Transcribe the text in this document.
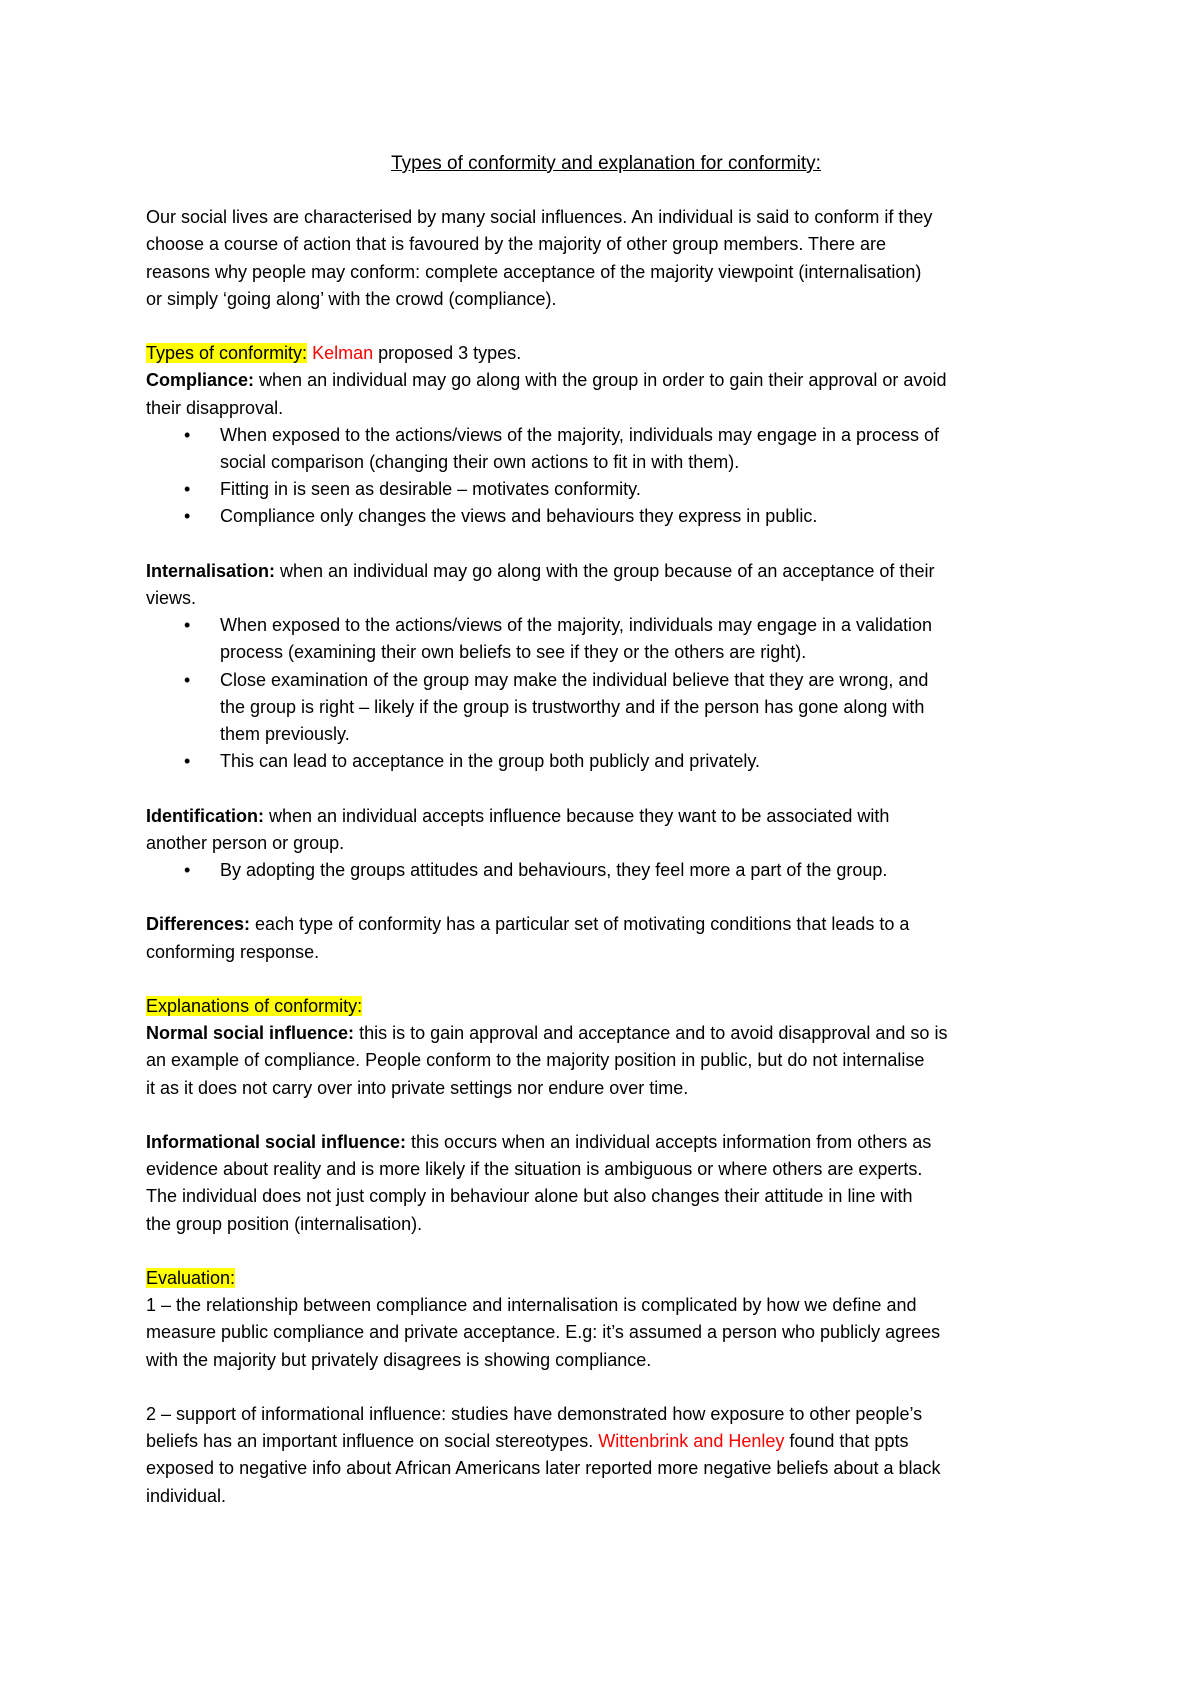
Types of conformity and explanation for conformity:

Our social lives are characterised by many social influences. An individual is said to conform if they

choose a course of action that is favoured by the majority of other group members. There are

reasons why people may conform: complete acceptance of the majority viewpoint (internalisation)

or simply ‘going along’ with the crowd (compliance).

Types of conformity: Kelman proposed 3 types.

Compliance: when an individual may go along with the group in order to gain their approval or avoid

their disapproval.

• When exposed to the actions/views of the majority, individuals may engage in a process of
social comparison (changing their own actions to fit in with them).
• Fitting in is seen as desirable – motivates conformity.
• Compliance only changes the views and behaviours they express in public.

Internalisation: when an individual may go along with the group because of an acceptance of their

views.

• When exposed to the actions/views of the majority, individuals may engage in a validation
process (examining their own beliefs to see if they or the others are right).
• Close examination of the group may make the individual believe that they are wrong, and
the group is right – likely if the group is trustworthy and if the person has gone along with
them previously.
• This can lead to acceptance in the group both publicly and privately.

Identification: when an individual accepts influence because they want to be associated with

another person or group.

• By adopting the groups attitudes and behaviours, they feel more a part of the group.

Differences: each type of conformity has a particular set of motivating conditions that leads to a

conforming response.

Explanations of conformity:

Normal social influence: this is to gain approval and acceptance and to avoid disapproval and so is

an example of compliance. People conform to the majority position in public, but do not internalise

it as it does not carry over into private settings nor endure over time.

Informational social influence: this occurs when an individual accepts information from others as

evidence about reality and is more likely if the situation is ambiguous or where others are experts.

The individual does not just comply in behaviour alone but also changes their attitude in line with

the group position (internalisation).

Evaluation:

1 – the relationship between compliance and internalisation is complicated by how we define and

measure public compliance and private acceptance. E.g: it’s assumed a person who publicly agrees

with the majority but privately disagrees is showing compliance.

2 – support of informational influence: studies have demonstrated how exposure to other people’s

beliefs has an important influence on social stereotypes. Wittenbrink and Henley found that ppts

exposed to negative info about African Americans later reported more negative beliefs about a black

individual.
